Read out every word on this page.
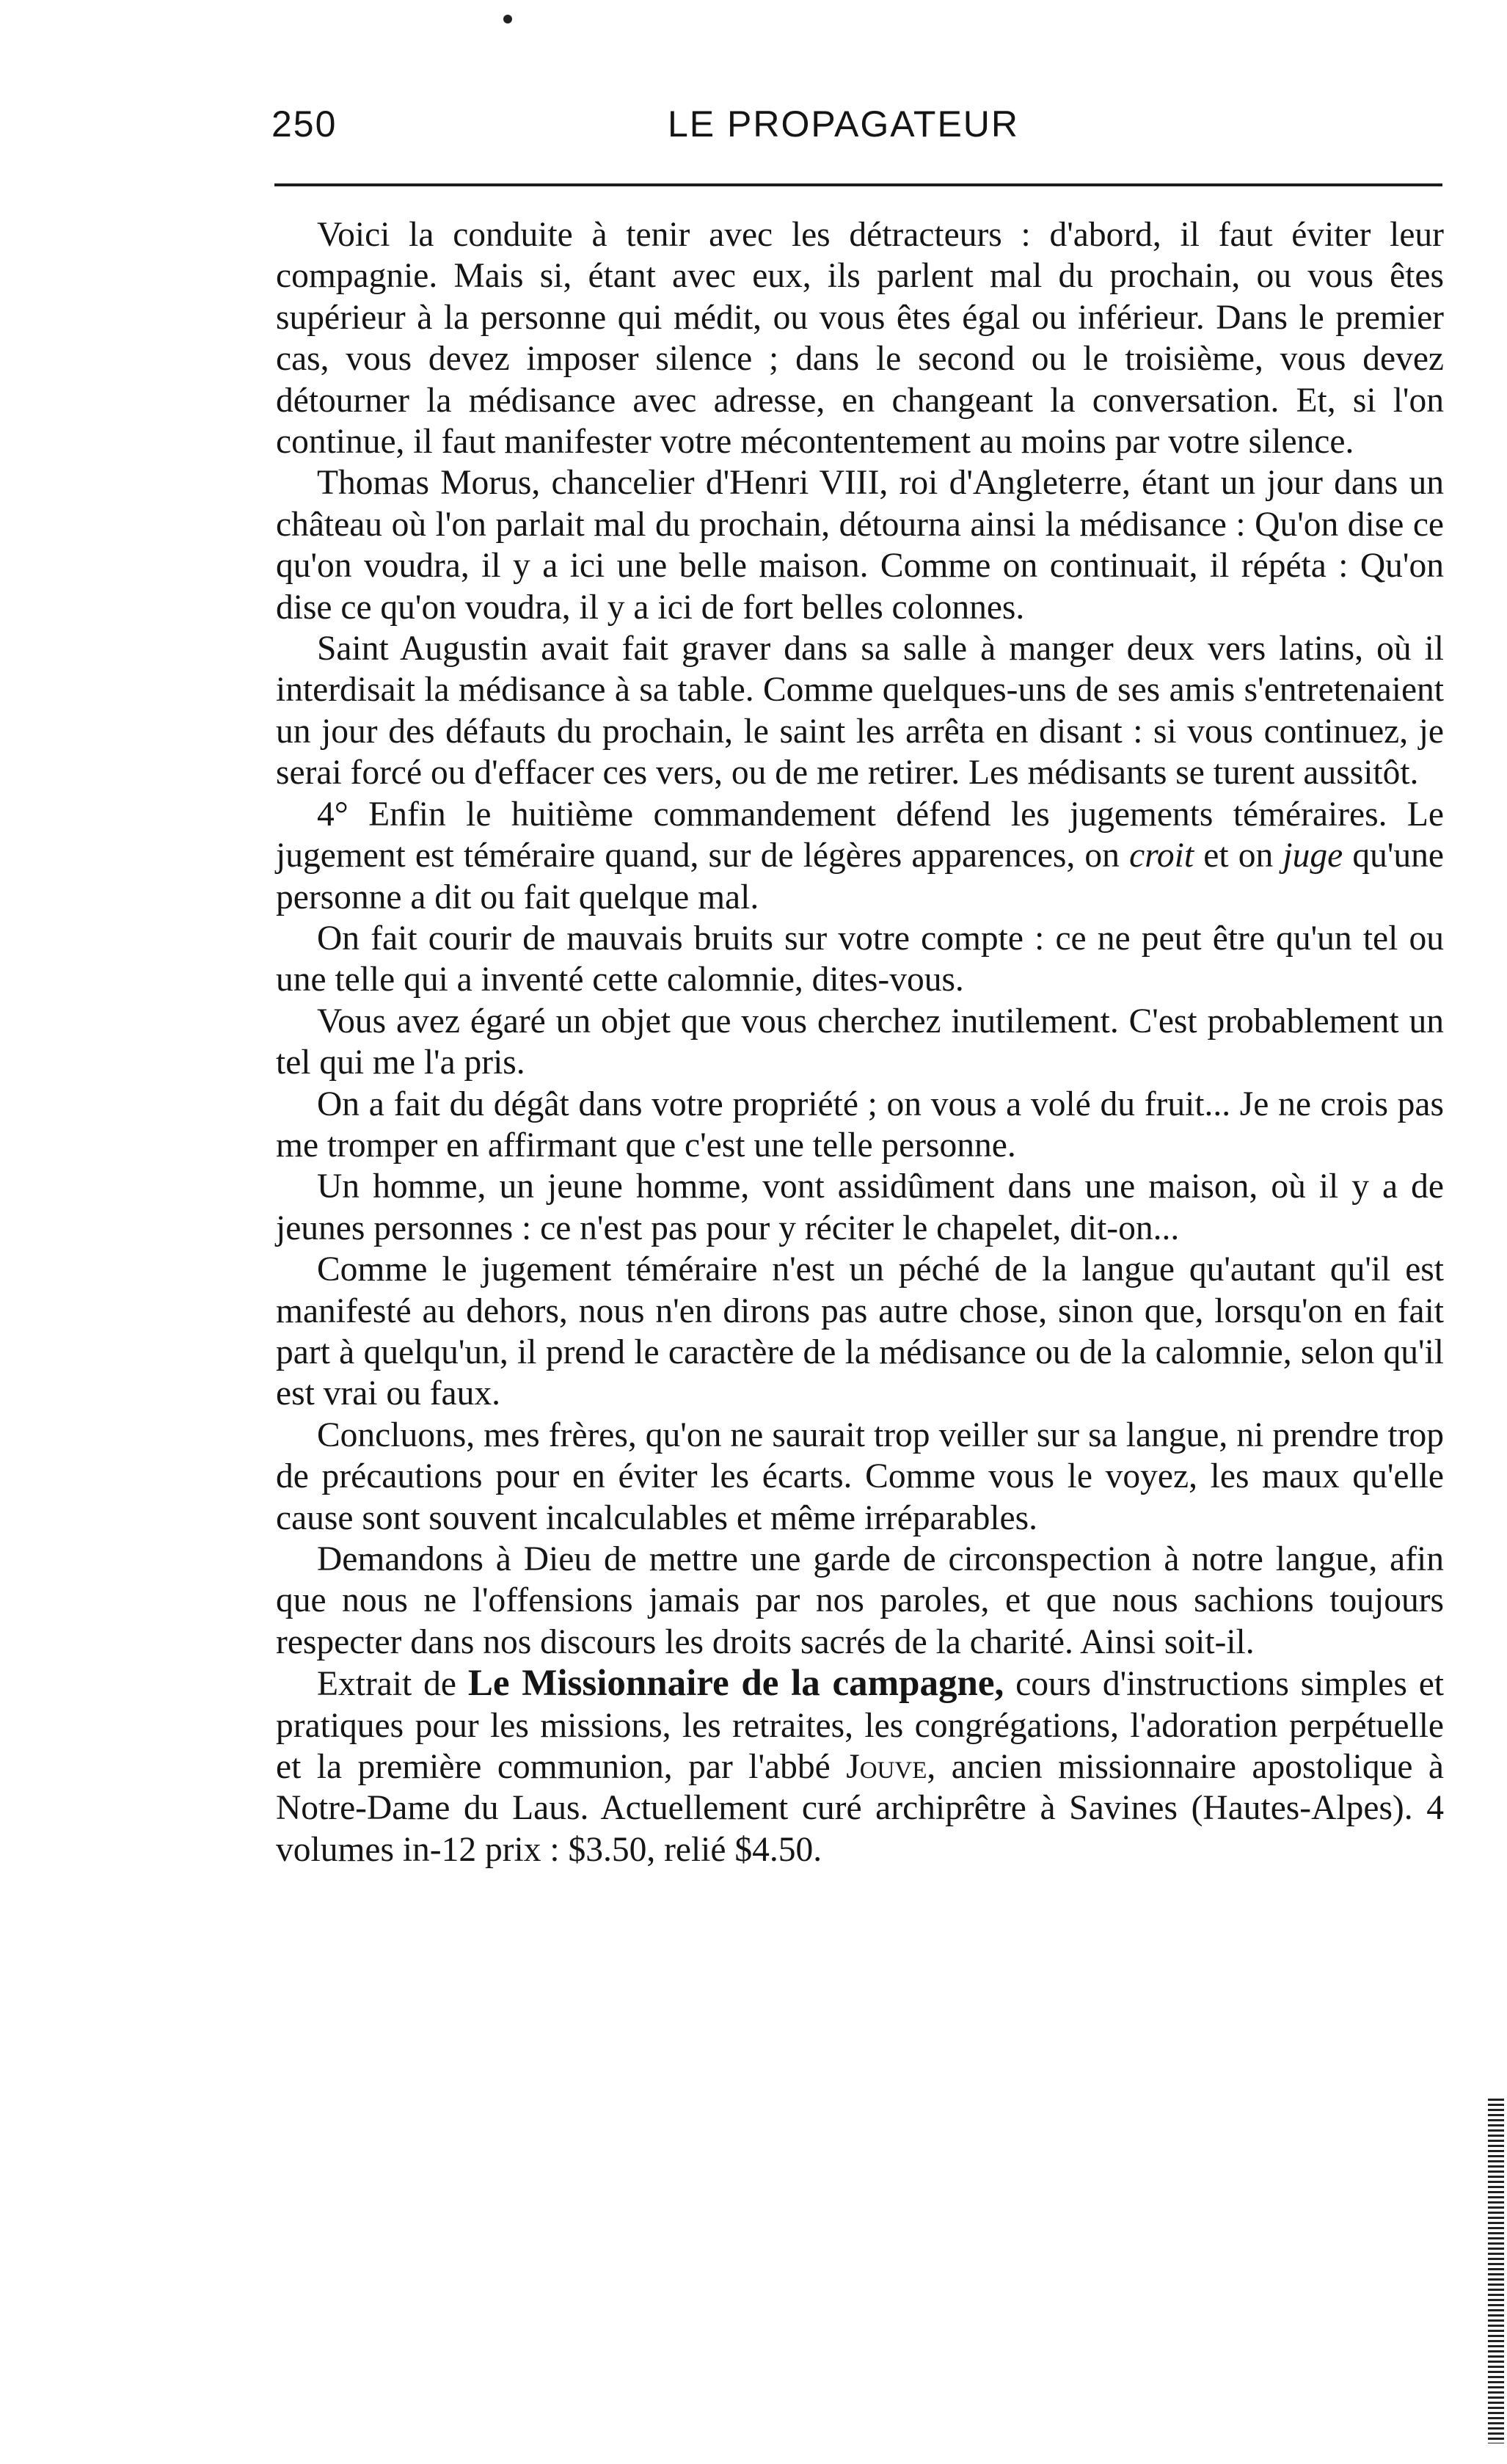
250	LE PROPAGATEUR

Voici la conduite à tenir avec les détracteurs : d'abord, il faut éviter leur compagnie. Mais si, étant avec eux, ils parlent mal du prochain, ou vous êtes supérieur à la personne qui médit, ou vous êtes égal ou inférieur. Dans le premier cas, vous devez imposer silence ; dans le second ou le troisième, vous devez détourner la médisance avec adresse, en changeant la conversation. Et, si l'on continue, il faut manifester votre mécontentement au moins par votre silence.

Thomas Morus, chancelier d'Henri VIII, roi d'Angleterre, étant un jour dans un château où l'on parlait mal du prochain, détourna ainsi la médisance : Qu'on dise ce qu'on voudra, il y a ici une belle maison. Comme on continuait, il répéta : Qu'on dise ce qu'on voudra, il y a ici de fort belles colonnes.

Saint Augustin avait fait graver dans sa salle à manger deux vers latins, où il interdisait la médisance à sa table. Comme quelques-uns de ses amis s'entretenaient un jour des défauts du prochain, le saint les arrêta en disant : si vous continuez, je serai forcé ou d'effacer ces vers, ou de me retirer. Les médisants se turent aussitôt.

4° Enfin le huitième commandement défend les jugements téméraires. Le jugement est téméraire quand, sur de légères apparences, on croit et on juge qu'une personne a dit ou fait quelque mal.

On fait courir de mauvais bruits sur votre compte : ce ne peut être qu'un tel ou une telle qui a inventé cette calomnie, dites-vous.

Vous avez égaré un objet que vous cherchez inutilement. C'est probablement un tel qui me l'a pris.

On a fait du dégât dans votre propriété ; on vous a volé du fruit... Je ne crois pas me tromper en affirmant que c'est une telle personne.

Un homme, un jeune homme, vont assidûment dans une maison, où il y a de jeunes personnes : ce n'est pas pour y réciter le chapelet, dit-on...

Comme le jugement téméraire n'est un péché de la langue qu'autant qu'il est manifesté au dehors, nous n'en dirons pas autre chose, sinon que, lorsqu'on en fait part à quelqu'un, il prend le caractère de la médisance ou de la calomnie, selon qu'il est vrai ou faux.

Concluons, mes frères, qu'on ne saurait trop veiller sur sa langue, ni prendre trop de précautions pour en éviter les écarts. Comme vous le voyez, les maux qu'elle cause sont souvent incalculables et même irréparables.

Demandons à Dieu de mettre une garde de circonspection à notre langue, afin que nous ne l'offensions jamais par nos paroles, et que nous sachions toujours respecter dans nos discours les droits sacrés de la charité. Ainsi soit-il.

Extrait de Le Missionnaire de la campagne, cours d'instructions simples et pratiques pour les missions, les retraites, les congrégations, l'adoration perpétuelle et la première communion, par l'abbé Jouve, ancien missionnaire apostolique à Notre-Dame du Laus. Actuellement curé archiprêtre à Savines (Hautes-Alpes). 4 volumes in-12 prix : $3.50, relié $4.50.
